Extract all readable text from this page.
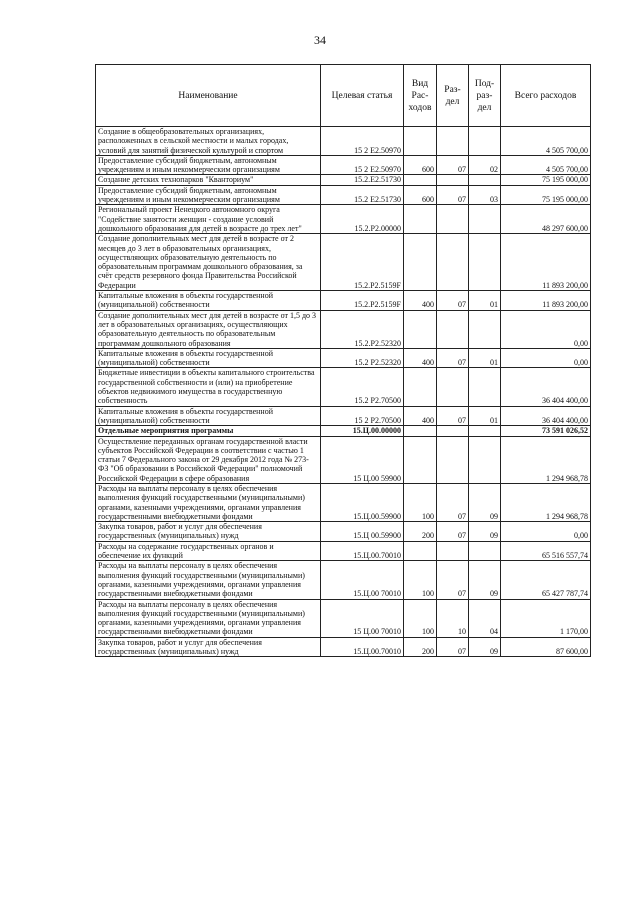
34
Наименование	Целевая статья	Вид Рас-ходов	Раз-дел	Под-раз-дел	Всего расходов
Создание в общеобразовательных организациях, расположенных в сельской местности и малых городах, условий для занятий физической культурой и спортом	15 2 E2.50970				4 505 700,00
Предоставление субсидий бюджетным, автономным учреждениям и иным некоммерческим организациям	15 2 E2.50970	600	07	02	4 505 700,00
Создание детских технопарков "Кванториум"	15.2.E2.51730				75 195 000,00
Предоставление субсидий бюджетным, автономным учреждениям и иным некоммерческим организациям	15.2 E2.51730	600	07	03	75 195 000,00
Региональный проект Ненецкого автономного округа "Содействие занятости женщин - создание условий дошкольного образования для детей в возрасте до трех лет"	15.2.P2.00000				48 297 600,00
Создание дополнительных мест для детей в возрасте от 2 месяцев до 3 лет в образовательных организациях, осуществляющих образовательную деятельность по образовательным программам дошкольного образования, за счёт средств резервного фонда Правительства Российской Федерации	15.2.P2.5159F				11 893 200,00
Капитальные вложения в объекты государственной (муниципальной) собственности	15.2.P2.5159F	400	07	01	11 893 200,00
Создание дополнительных мест для детей в возрасте от 1,5 до 3 лет в образовательных организациях, осуществляющих образовательную деятельность по образовательным программам дошкольного образования	15.2.P2.52320				0,00
Капитальные вложения в объекты государственной (муниципальной) собственности	15.2 P2.52320	400	07	01	0,00
Бюджетные инвестиции в объекты капитального строительства государственной собственности и (или) на приобретение объектов недвижимого имущества в государственную собственность	15.2 P2.70500				36 404 400,00
Капитальные вложения в объекты государственной (муниципальной) собственности	15 2 P2.70500	400	07	01	36 404 400,00
Отдельные мероприятия программы	15.Ц.00.00000				73 591 026,52
Осуществление переданных органам государственной власти субъектов Российской Федерации в соответствии с частью 1 статьи 7 Федерального закона от 29 декабря 2012 года № 273-ФЗ "Об образовании в Российской Федерации" полномочий Российской Федерации в сфере образования	15 Ц.00 59900				1 294 968,78
Расходы на выплаты персоналу в целях обеспечения выполнения функций государственными (муниципальными) органами, казенными учреждениями, органами управления государственными внебюджетными фондами	15.Ц.00.59900	100	07	09	1 294 968,78
Закупка товаров, работ и услуг для обеспечения государственных (муниципальных) нужд	15.Ц 00.59900	200	07	09	0,00
Расходы на содержание государственных органов и обеспечение их функций	15.Ц.00.70010				65 516 557,74
Расходы на выплаты персоналу в целях обеспечения выполнения функций государственными (муниципальными) органами, казенными учреждениями, органами управления государственными внебюджетными фондами	15.Ц.00 70010	100	07	09	65 427 787,74
Расходы на выплаты персоналу в целях обеспечения выполнения функций государственными (муниципальными) органами, казенными учреждениями, органами управления государственными внебюджетными фондами	15 Ц.00 70010	100	10	04	1 170,00
Закупка товаров, работ и услуг для обеспечения государственных (муниципальных) нужд	15.Ц.00.70010	200	07	09	87 600,00
